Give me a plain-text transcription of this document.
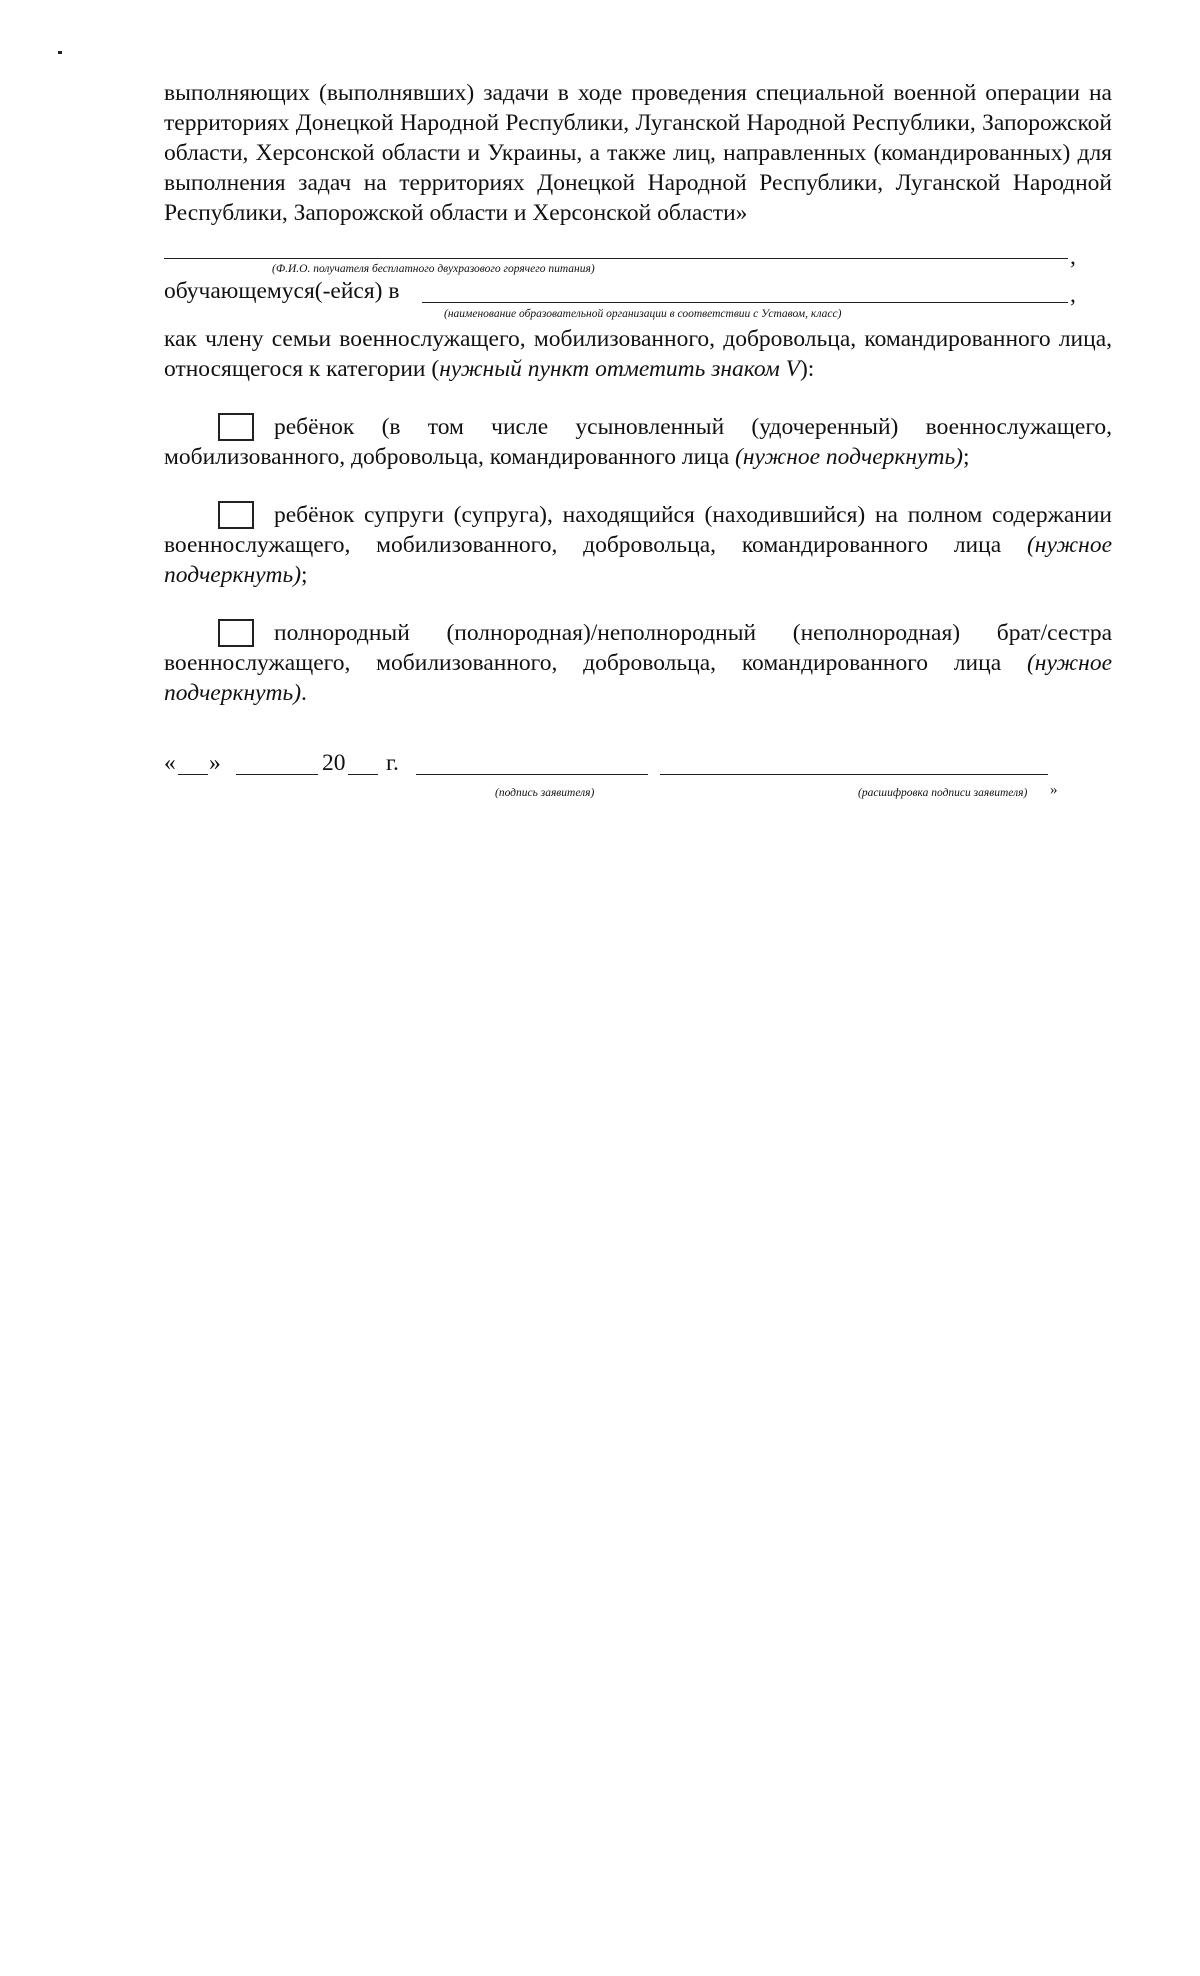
выполняющих (выполнявших) задачи в ходе проведения специальной военной операции на территориях Донецкой Народной Республики, Луганской Народной Республики, Запорожской области, Херсонской области и Украины, а также лиц, направленных (командированных) для выполнения задач на территориях Донецкой Народной Республики, Луганской Народной Республики, Запорожской области и Херсонской области»

,
(Ф.И.О. получателя бесплатного двухразового горячего питания)
обучающемуся(-ейся) в	,
(наименование образовательной организации в соответствии с Уставом, класс)

как члену семьи военнослужащего, мобилизованного, добровольца, командированного лица, относящегося к категории (нужный пункт отметить знаком V):

ребёнок (в том числе усыновленный (удочеренный) военнослужащего, мобилизованного, добровольца, командированного лица (нужное подчеркнуть);

ребёнок супруги (супруга), находящийся (находившийся) на полном содержании военнослужащего, мобилизованного, добровольца, командированного лица (нужное подчеркнуть);

полнородный (полнородная)/неполнородный (неполнородная) брат/сестра военнослужащего, мобилизованного, добровольца, командированного лица (нужное подчеркнуть).

« »	20 г.
(подпись заявителя)	(расшифровка подписи заявителя) »
